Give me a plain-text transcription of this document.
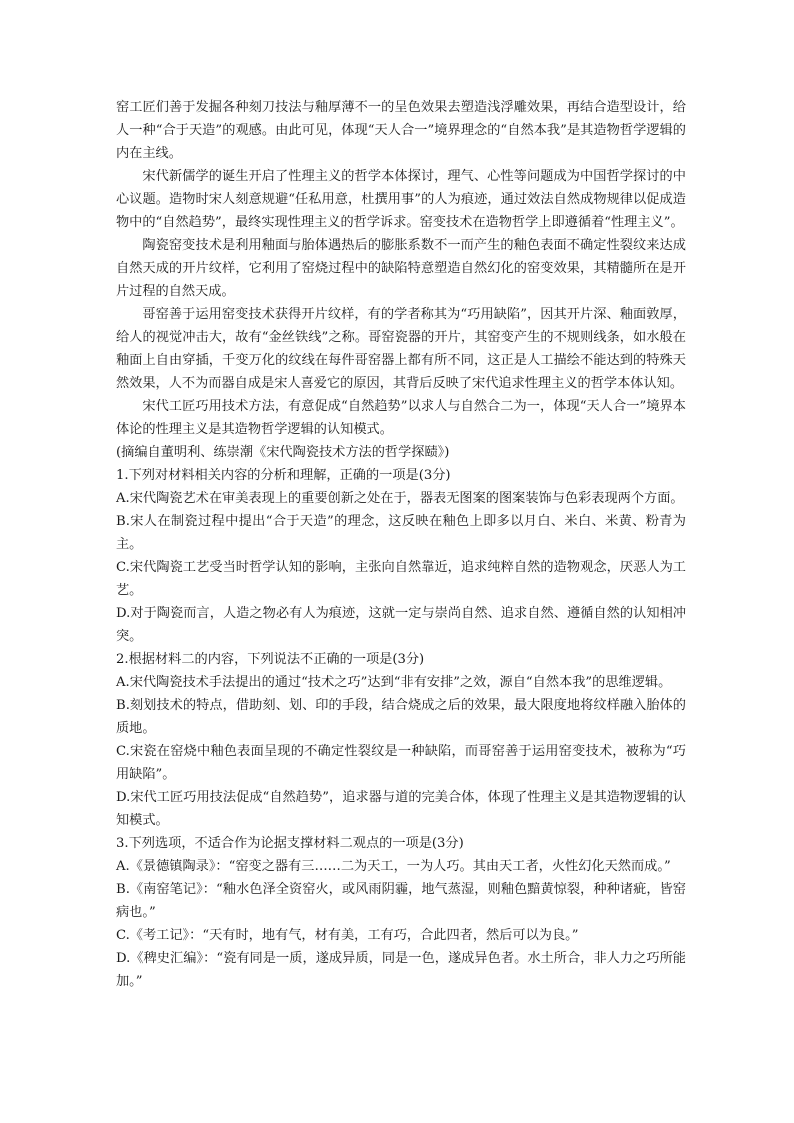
窑工匠们善于发掘各种刻刀技法与釉厚薄不一的呈色效果去塑造浅浮雕效果，再结合造型设计，给人一种“合于天造”的观感。由此可见，体现“天人合一”境界理念的“自然本我”是其造物哲学逻辑的内在主线。

宋代新儒学的诞生开启了性理主义的哲学本体探讨，理气、心性等问题成为中国哲学探讨的中心议题。造物时宋人刻意规避“任私用意，杜撰用事”的人为痕迹，通过效法自然成物规律以促成造物中的“自然趋势”，最终实现性理主义的哲学诉求。窑变技术在造物哲学上即遵循着“性理主义”。

陶瓷窑变技术是利用釉面与胎体遇热后的膨胀系数不一而产生的釉色表面不确定性裂纹来达成自然天成的开片纹样，它利用了窑烧过程中的缺陷特意塑造自然幻化的窑变效果，其精髓所在是开片过程的自然天成。

哥窑善于运用窑变技术获得开片纹样，有的学者称其为“巧用缺陷”，因其开片深、釉面敦厚，给人的视觉冲击大，故有“金丝铁线”之称。哥窑瓷器的开片，其窑变产生的不规则线条，如水般在釉面上自由穿插，千变万化的纹线在每件哥窑器上都有所不同，这正是人工描绘不能达到的特殊天然效果，人不为而器自成是宋人喜爱它的原因，其背后反映了宋代追求性理主义的哲学本体认知。

宋代工匠巧用技术方法，有意促成“自然趋势”以求人与自然合二为一，体现“天人合一”境界本体论的性理主义是其造物哲学逻辑的认知模式。

(摘编自董明利、练崇潮《宋代陶瓷技术方法的哲学探赜》)

1.下列对材料相关内容的分析和理解，正确的一项是(3分)

A.宋代陶瓷艺术在审美表现上的重要创新之处在于，器表无图案的图案装饰与色彩表现两个方面。

B.宋人在制瓷过程中提出“合于天造”的理念，这反映在釉色上即多以月白、米白、米黄、粉青为主。

C.宋代陶瓷工艺受当时哲学认知的影响，主张向自然靠近，追求纯粹自然的造物观念，厌恶人为工艺。

D.对于陶瓷而言，人造之物必有人为痕迹，这就一定与崇尚自然、追求自然、遵循自然的认知相冲突。

2.根据材料二的内容，下列说法不正确的一项是(3分)

A.宋代陶瓷技术手法提出的通过“技术之巧”达到“非有安排”之效，源自“自然本我”的思维逻辑。

B.刻划技术的特点，借助刻、划、印的手段，结合烧成之后的效果，最大限度地将纹样融入胎体的质地。

C.宋瓷在窑烧中釉色表面呈现的不确定性裂纹是一种缺陷，而哥窑善于运用窑变技术，被称为“巧用缺陷”。

D.宋代工匠巧用技法促成“自然趋势”，追求器与道的完美合体，体现了性理主义是其造物逻辑的认知模式。

3.下列选项，不适合作为论据支撑材料二观点的一项是(3分)

A.《景德镇陶录》：“窑变之器有三……二为天工，一为人巧。其由天工者，火性幻化天然而成。”

B.《南窑笔记》：“釉水色泽全资窑火，或风雨阴霾，地气蒸湿，则釉色黯黄惊裂，种种诸疵，皆窑病也。”

C.《考工记》：“天有时，地有气，材有美，工有巧，合此四者，然后可以为良。”

D.《稗史汇编》：“瓷有同是一质，遂成异质，同是一色，遂成异色者。水土所合，非人力之巧所能加。”
